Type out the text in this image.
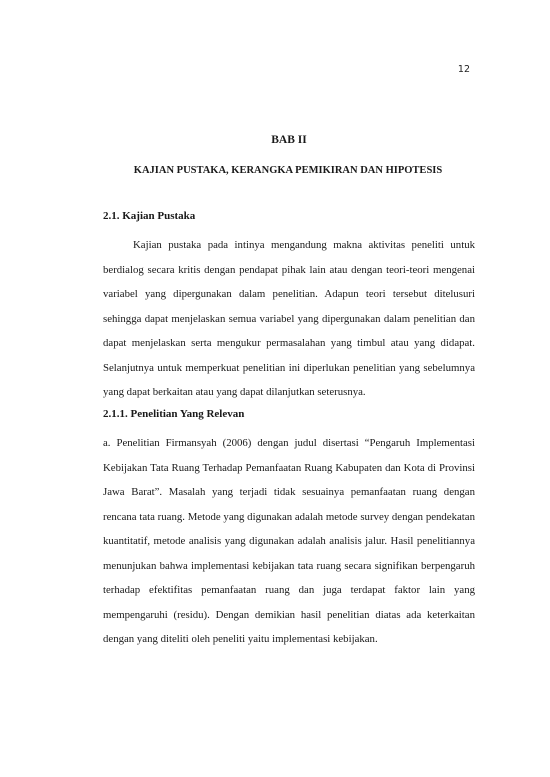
12
BAB II
KAJIAN PUSTAKA, KERANGKA PEMIKIRAN DAN HIPOTESIS
2.1. Kajian Pustaka
Kajian pustaka pada intinya mengandung makna aktivitas peneliti untuk berdialog secara kritis dengan pendapat pihak lain atau dengan teori-teori mengenai variabel yang dipergunakan dalam penelitian. Adapun teori tersebut ditelusuri sehingga dapat menjelaskan semua variabel yang dipergunakan dalam penelitian dan dapat menjelaskan serta mengukur permasalahan yang timbul atau yang didapat. Selanjutnya untuk memperkuat penelitian ini diperlukan penelitian yang sebelumnya yang dapat berkaitan atau yang dapat dilanjutkan seterusnya.
2.1.1. Penelitian Yang Relevan
a. Penelitian Firmansyah (2006) dengan judul disertasi “Pengaruh Implementasi Kebijakan Tata Ruang Terhadap Pemanfaatan Ruang Kabupaten dan Kota di Provinsi Jawa Barat”. Masalah yang terjadi tidak sesuainya pemanfaatan ruang dengan rencana tata ruang. Metode yang digunakan adalah metode survey dengan pendekatan kuantitatif, metode analisis yang digunakan adalah analisis jalur. Hasil penelitiannya menunjukan bahwa implementasi kebijakan tata ruang secara signifikan berpengaruh terhadap efektifitas pemanfaatan ruang dan juga terdapat faktor lain yang mempengaruhi (residu). Dengan demikian hasil penelitian diatas ada keterkaitan dengan yang diteliti oleh peneliti yaitu implementasi kebijakan.
